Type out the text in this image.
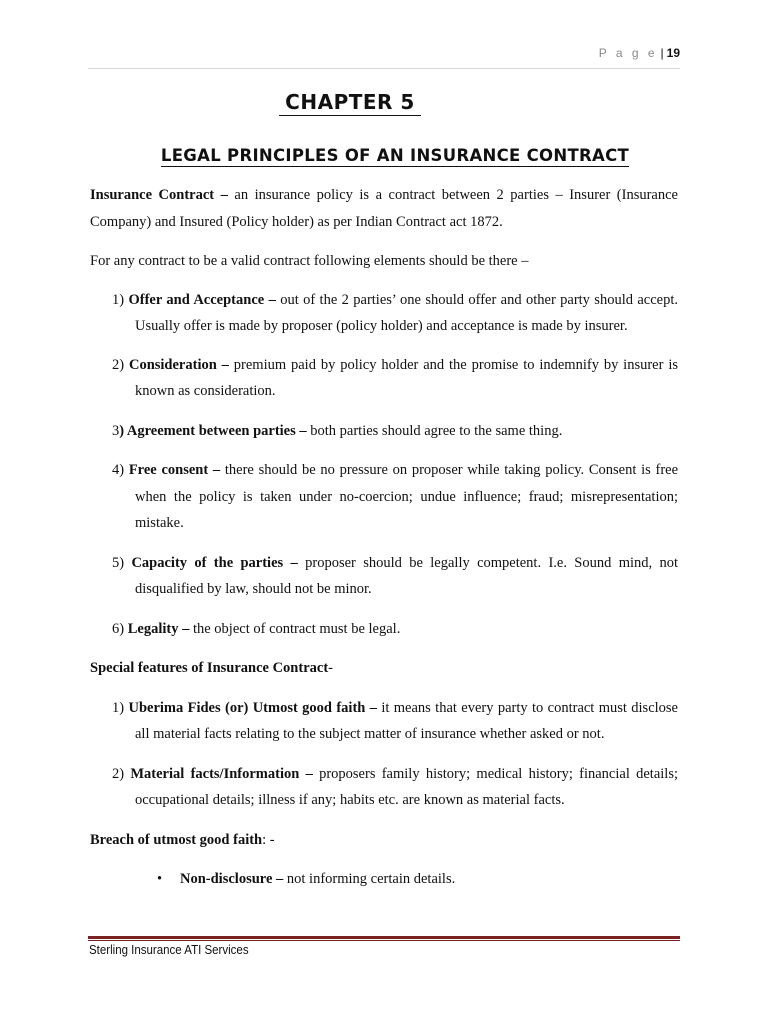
P a g e | 19
CHAPTER 5
LEGAL PRINCIPLES OF AN INSURANCE CONTRACT

Insurance Contract – an insurance policy is a contract between 2 parties – Insurer (Insurance Company) and Insured (Policy holder) as per Indian Contract act 1872.

For any contract to be a valid contract following elements should be there –

1) Offer and Acceptance – out of the 2 parties’ one should offer and other party should accept. Usually offer is made by proposer (policy holder) and acceptance is made by insurer.

2) Consideration – premium paid by policy holder and the promise to indemnify by insurer is known as consideration.

3) Agreement between parties – both parties should agree to the same thing.

4) Free consent – there should be no pressure on proposer while taking policy. Consent is free when the policy is taken under no-coercion; undue influence; fraud; misrepresentation; mistake.

5) Capacity of the parties – proposer should be legally competent. I.e. Sound mind, not disqualified by law, should not be minor.

6) Legality – the object of contract must be legal.

Special features of Insurance Contract-

1) Uberima Fides (or) Utmost good faith – it means that every party to contract must disclose all material facts relating to the subject matter of insurance whether asked or not.

2) Material facts/Information – proposers family history; medical history; financial details; occupational details; illness if any; habits etc. are known as material facts.

Breach of utmost good faith: -

• Non-disclosure – not informing certain details.

Sterling Insurance ATI Services
